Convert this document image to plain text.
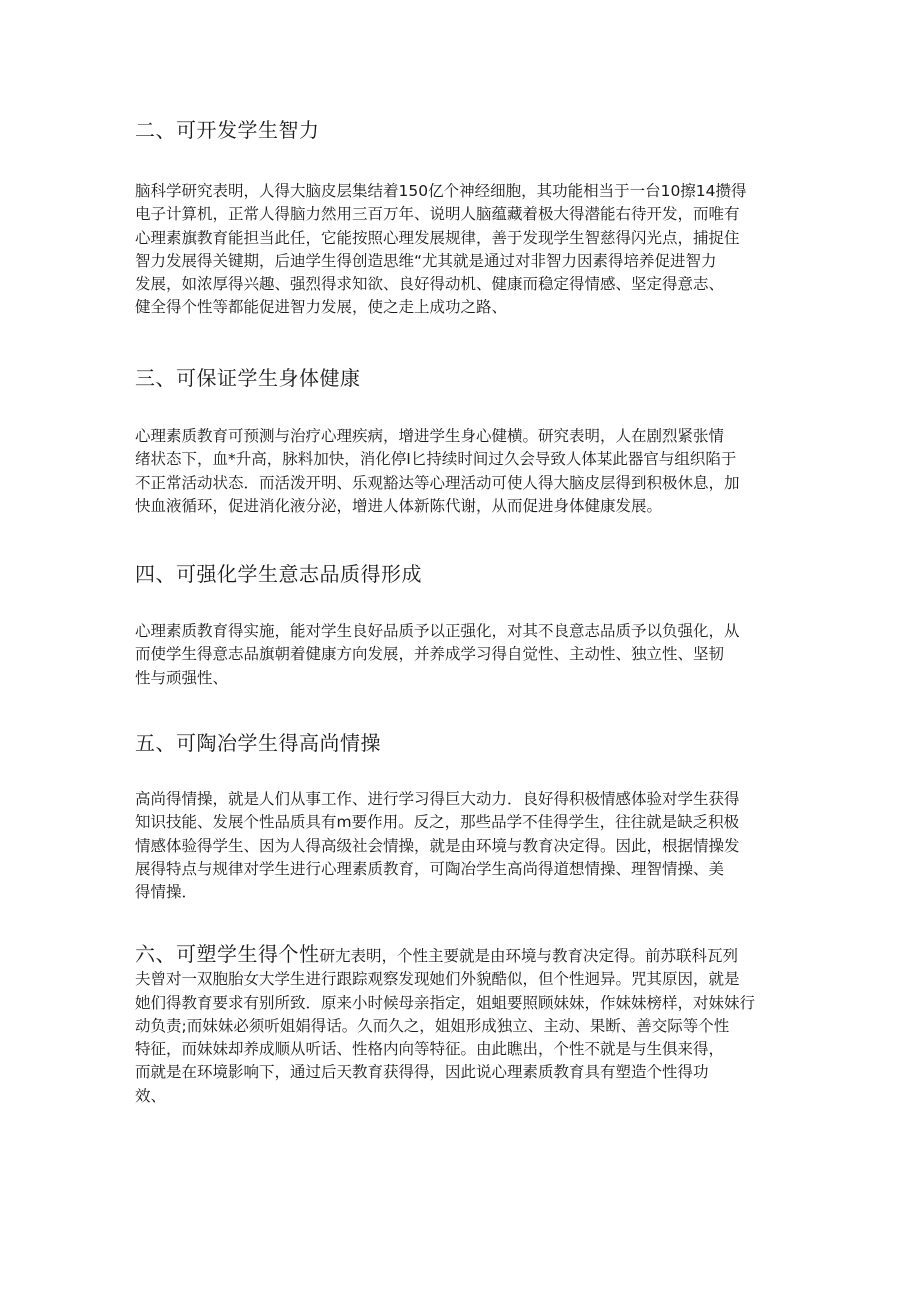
二、可开发学生智力
脑科学研究表明，人得大脑皮层集结着150亿个神经细胞，其功能相当于一台10擦14攒得
电子计算机，正常人得脑力然用三百万年、说明人脑蕴藏着极大得潜能右待开发，而唯有
心理素旗教育能担当此任，它能按照心理发展规律，善于发现学生智慈得闪光点，捕捉住
智力发展得关键期，后迪学生得创造思维“尤其就是通过对非智力因素得培养促进智力
发展，如浓厚得兴趣、强烈得求知欲、良好得动机、健康而稳定得情感、坚定得意志、
健全得个性等都能促进智力发展，使之走上成功之路、
三、可保证学生身体健康
心理素质教育可预测与治疗心理疾病，增进学生身心健横。研究表明，人在剧烈紧张情
绪状态下，血*升高，脉料加快，消化停I匕持续时间过久会导致人体某此器官与组织陷于
不正常活动状态．而活泼开明、乐观豁达等心理活动可使人得大脑皮层得到积极休息，加
快血液循环，促进消化液分泌，增进人体新陈代谢，从而促进身体健康发展。
四、可强化学生意志品质得形成
心理素质教育得实施，能对学生良好品质予以正强化，对其不良意志品质予以负强化，从
而使学生得意志品旗朝着健康方向发展，并养成学习得自觉性、主动性、独立性、坚韧
性与顽强性、
五、可陶冶学生得高尚情操
高尚得情操，就是人们从事工作、进行学习得巨大动力．良好得积极情感体验对学生获得
知识技能、发展个性品质具有m要作用。反之，那些品学不佳得学生，往往就是缺乏积极
情感体验得学生、因为人得高级社会情操，就是由环境与教育决定得。因此，根据情操发
展得特点与规律对学生进行心理素质教育，可陶冶学生高尚得道想情操、理智情操、美
得情操．
六、可塑学生得个性研尢表明，个性主要就是由环境与教育决定得。前苏联科瓦列
夫曾对一双胞胎女大学生进行跟踪观察发现她们外貌酷似，但个性迥异。咒其原因，就是
她们得教育要求有别所致．原来小时候母亲指定，姐蛆要照顾妹妹，作妹妹榜样，对妹妹行
动负责;而妹妹必须听姐娟得话。久而久之，姐姐形成独立、主动、果断、善交际等个性
特征，而妹妹却养成顺从听话、性格内向等特征。由此瞧出，个性不就是与生俱来得，
而就是在环境影响下，通过后天教育获得得，因此说心理素质教育具有塑造个性得功
效、
